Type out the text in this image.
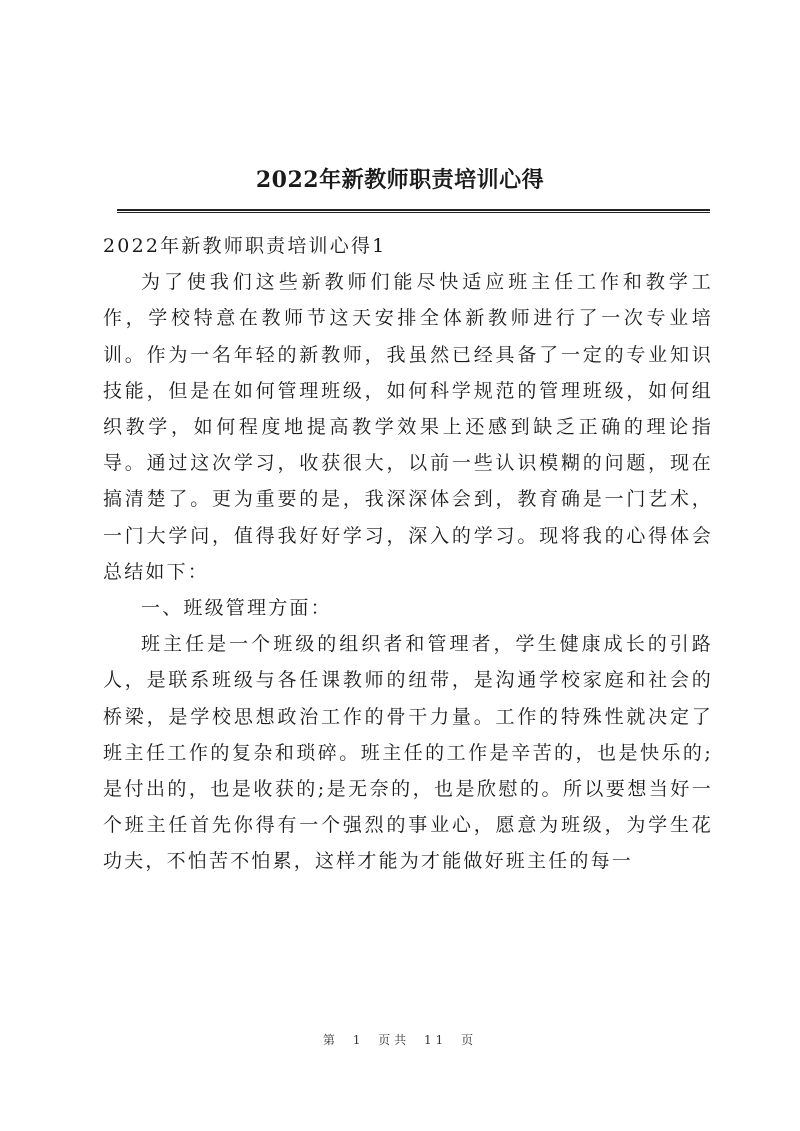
2022年新教师职责培训心得

2022年新教师职责培训心得1

为了使我们这些新教师们能尽快适应班主任工作和教学工作，学校特意在教师节这天安排全体新教师进行了一次专业培训。作为一名年轻的新教师，我虽然已经具备了一定的专业知识技能，但是在如何管理班级，如何科学规范的管理班级，如何组织教学，如何程度地提高教学效果上还感到缺乏正确的理论指导。通过这次学习，收获很大，以前一些认识模糊的问题，现在搞清楚了。更为重要的是，我深深体会到，教育确是一门艺术，一门大学问，值得我好好学习，深入的学习。现将我的心得体会总结如下：

一、班级管理方面：

班主任是一个班级的组织者和管理者，学生健康成长的引路人，是联系班级与各任课教师的纽带，是沟通学校家庭和社会的桥梁，是学校思想政治工作的骨干力量。工作的特殊性就决定了班主任工作的复杂和琐碎。班主任的工作是辛苦的，也是快乐的;是付出的，也是收获的;是无奈的，也是欣慰的。所以要想当好一个班主任首先你得有一个强烈的事业心，愿意为班级，为学生花功夫，不怕苦不怕累，这样才能为才能做好班主任的每一

第 1 页共 11 页
